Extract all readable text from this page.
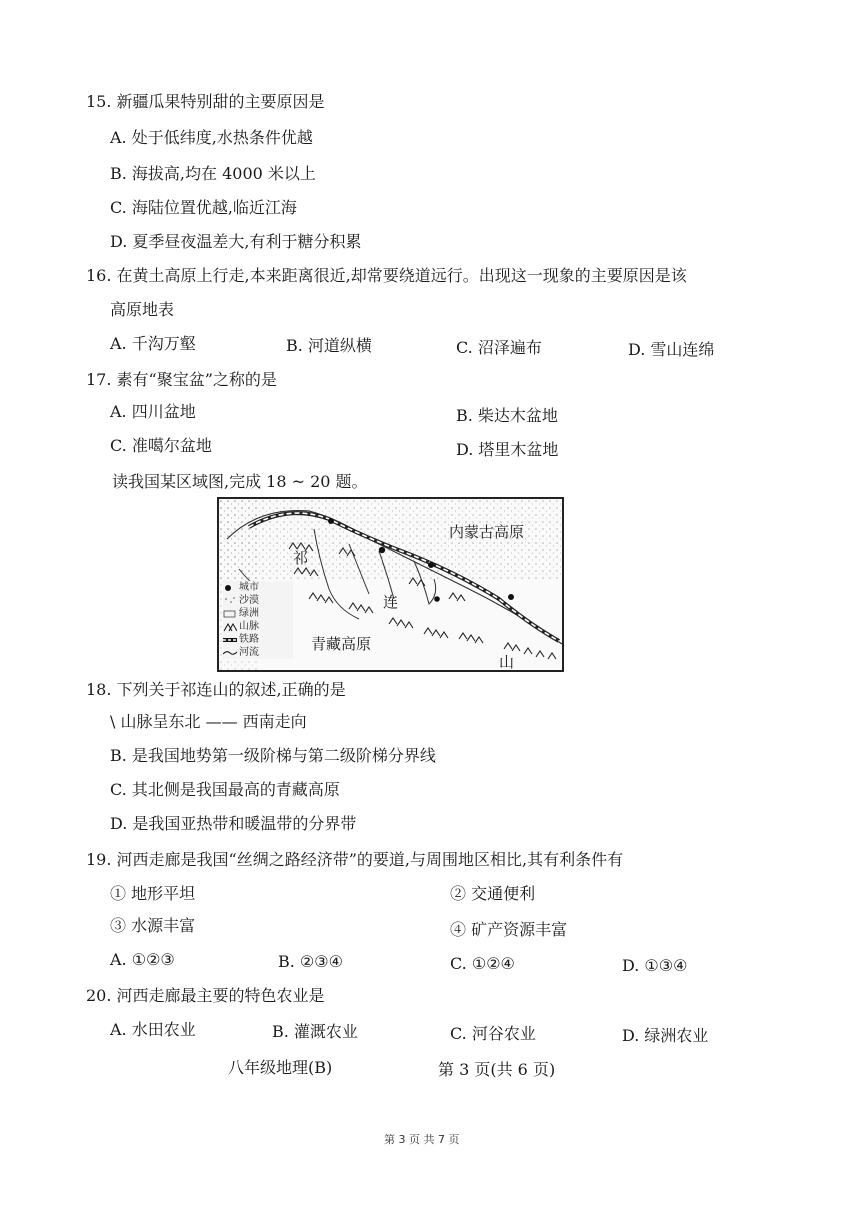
15. 新疆瓜果特别甜的主要原因是
A. 处于低纬度,水热条件优越
B. 海拔高,均在 4000 米以上
C. 海陆位置优越,临近江海
D. 夏季昼夜温差大,有利于糖分积累
16. 在黄土高原上行走,本来距离很近,却常要绕道远行。出现这一现象的主要原因是该
高原地表
A. 千沟万壑	B. 河道纵横	C. 沼泽遍布	D. 雪山连绵
17. 素有“聚宝盆”之称的是
A. 四川盆地	B. 柴达木盆地
C. 准噶尔盆地	D. 塔里木盆地
读我国某区域图,完成 18 ~ 20 题。
内蒙古高原
青藏高原
祁
连
山
城市
沙漠
绿洲
山脉
铁路
河流
18. 下列关于祁连山的叙述,正确的是
\ 山脉呈东北 —— 西南走向
B. 是我国地势第一级阶梯与第二级阶梯分界线
C. 其北侧是我国最高的青藏高原
D. 是我国亚热带和暖温带的分界带
19. 河西走廊是我国“丝绸之路经济带”的要道,与周围地区相比,其有利条件有
① 地形平坦	② 交通便利
③ 水源丰富	④ 矿产资源丰富
A. ①②③	B. ②③④	C. ①②④	D. ①③④
20. 河西走廊最主要的特色农业是
A. 水田农业	B. 灌溉农业	C. 河谷农业	D. 绿洲农业
八年级地理(B)	第 3 页(共 6 页)
第 3 页 共 7 页
